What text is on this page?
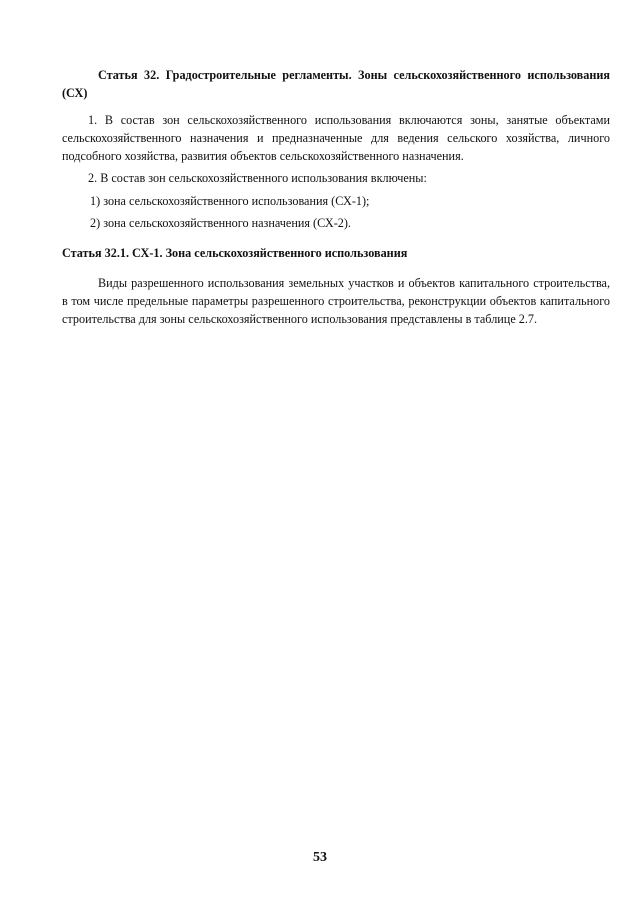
Статья 32. Градостроительные регламенты. Зоны сельскохозяйственного использования (СХ)

1. В состав зон сельскохозяйственного использования включаются зоны, занятые объектами сельскохозяйственного назначения и предназначенные для ведения сельского хозяйства, личного подсобного хозяйства, развития объектов сельскохозяйственного назначения.

2. В состав зон сельскохозяйственного использования включены:

1) зона сельскохозяйственного использования (СХ-1);

2) зона сельскохозяйственного назначения (СХ-2).

Статья 32.1. СХ-1. Зона сельскохозяйственного использования

Виды разрешенного использования земельных участков и объектов капитального строительства, в том числе предельные параметры разрешенного строительства, реконструкции объектов капитального строительства для зоны сельскохозяйственного использования представлены в таблице 2.7.

53
